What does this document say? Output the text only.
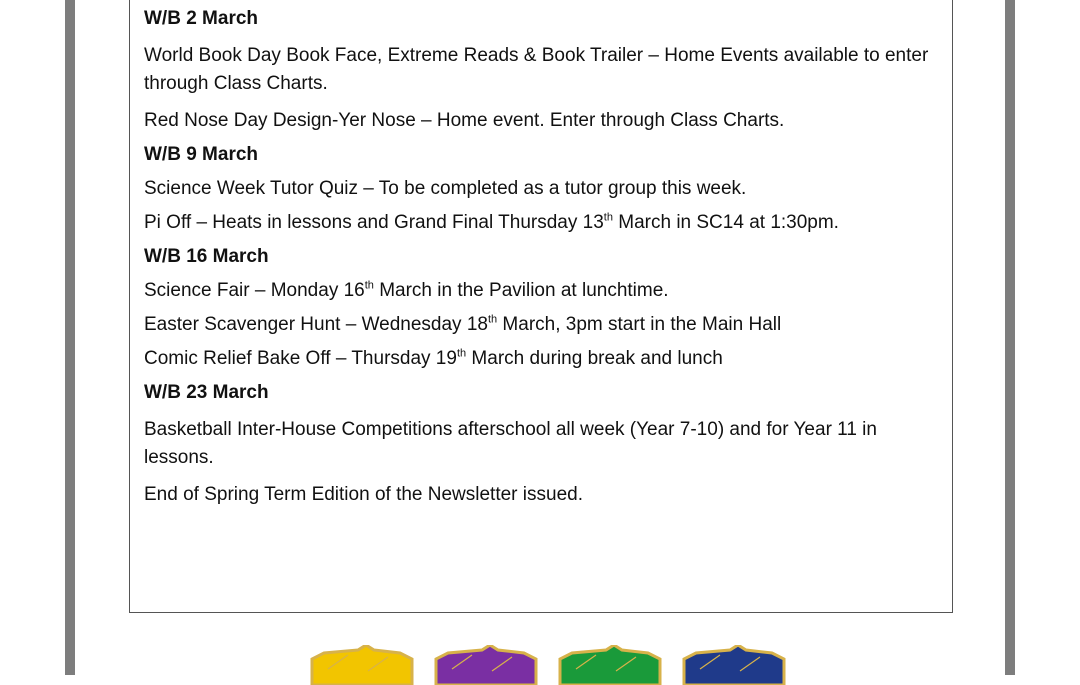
W/B 2 March

World Book Day Book Face, Extreme Reads & Book Trailer – Home Events available to enter through Class Charts.

Red Nose Day Design-Yer Nose – Home event. Enter through Class Charts.

W/B 9 March

Science Week Tutor Quiz – To be completed as a tutor group this week.

Pi Off – Heats in lessons and Grand Final Thursday 13th March in SC14 at 1:30pm.

W/B 16 March

Science Fair – Monday 16th March in the Pavilion at lunchtime.

Easter Scavenger Hunt – Wednesday 18th March, 3pm start in the Main Hall

Comic Relief Bake Off – Thursday 19th March during break and lunch

W/B 23 March

Basketball Inter-House Competitions afterschool all week (Year 7-10) and for Year 11 in lessons.

End of Spring Term Edition of the Newsletter issued.
